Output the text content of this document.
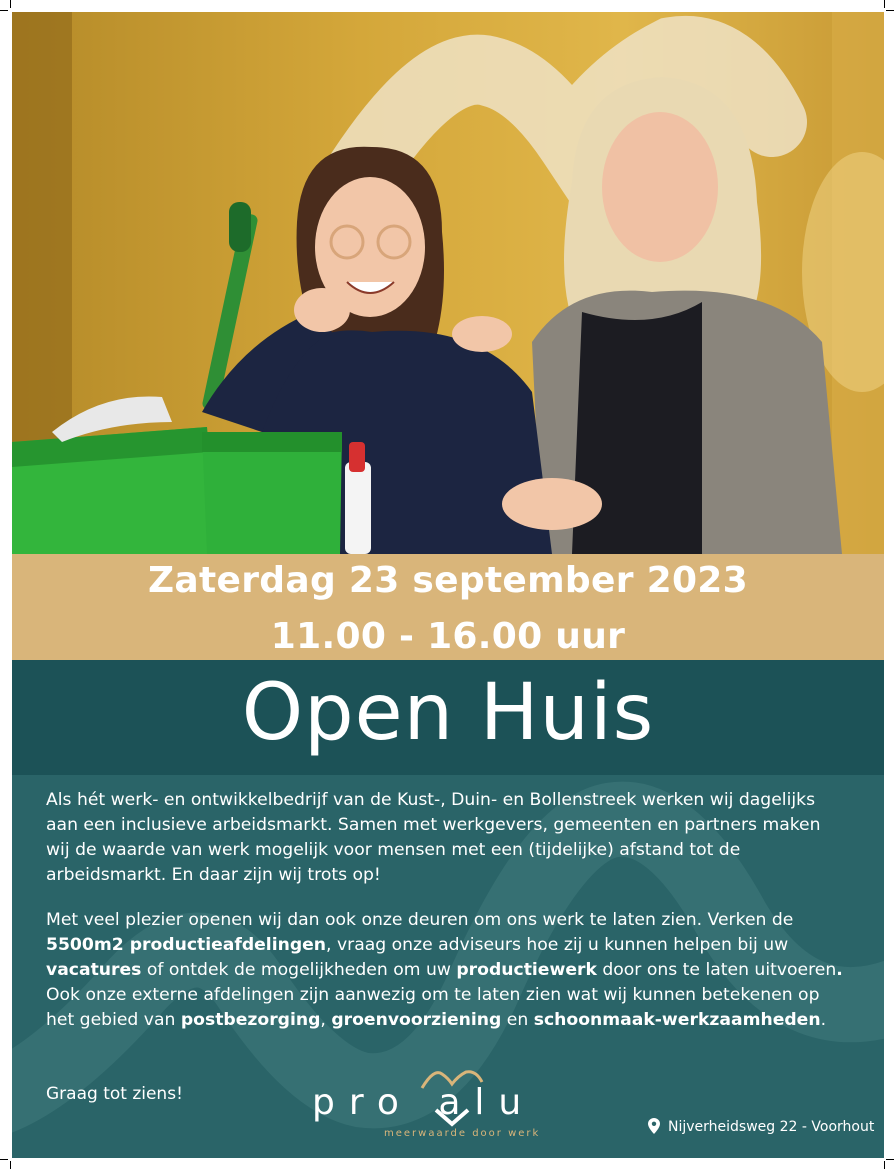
Zaterdag 23 september 2023
11.00 - 16.00 uur
Open Huis
Als hét werk- en ontwikkelbedrijf van de Kust-, Duin- en Bollenstreek werken wij dagelijks aan een inclusieve arbeidsmarkt. Samen met werkgevers, gemeenten en partners maken wij de waarde van werk mogelijk voor mensen met een (tijdelijke) afstand tot de arbeidsmarkt. En daar zijn wij trots op!
Met veel plezier openen wij dan ook onze deuren om ons werk te laten zien. Verken de 5500m2 productieafdelingen, vraag onze adviseurs hoe zij u kunnen helpen bij uw vacatures of ontdek de mogelijkheden om uw productiewerk door ons te laten uitvoeren. Ook onze externe afdelingen zijn aanwezig om te laten zien wat wij kunnen betekenen op het gebied van postbezorging, groenvoorziening en schoonmaak-werkzaamheden.
Graag tot ziens!	pro alu
meerwaarde door werk	Nijverheidsweg 22 - Voorhout
